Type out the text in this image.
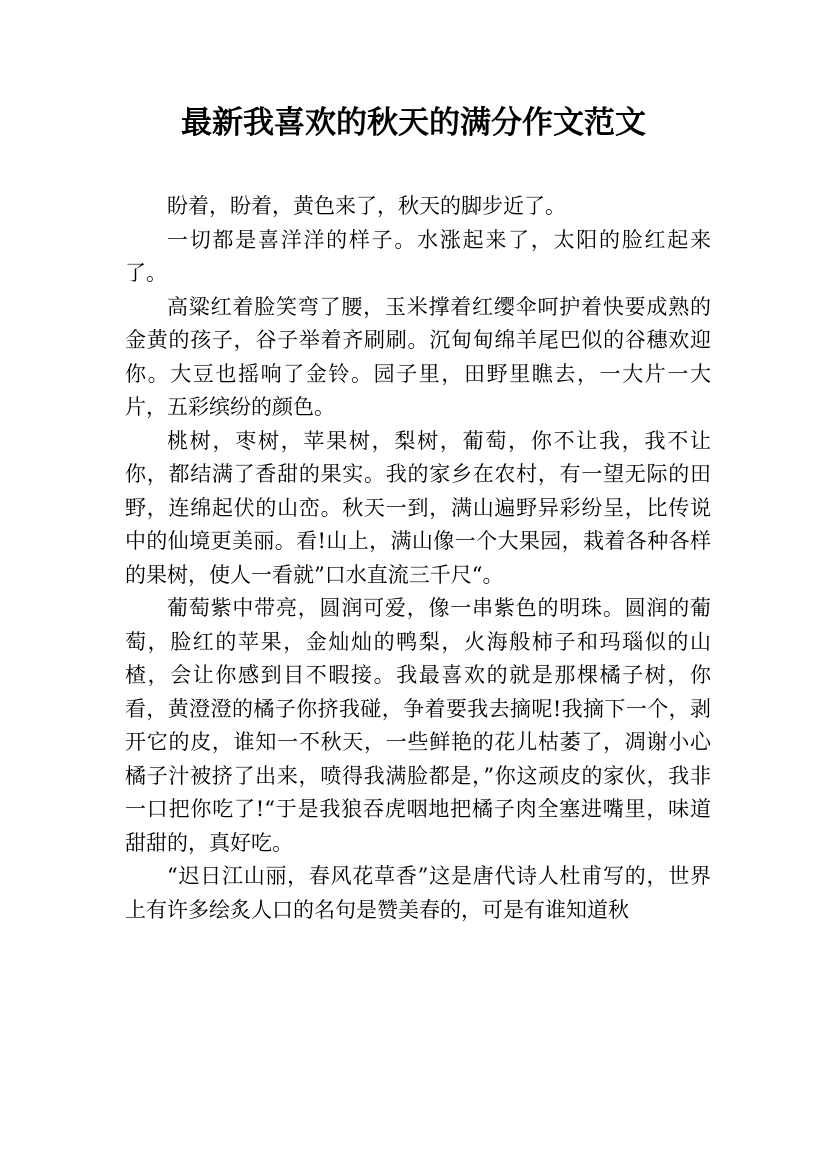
最新我喜欢的秋天的满分作文范文

盼着，盼着，黄色来了，秋天的脚步近了。

一切都是喜洋洋的样子。水涨起来了，太阳的脸红起来了。

高粱红着脸笑弯了腰，玉米撑着红缨伞呵护着快要成熟的金黄的孩子，谷子举着齐刷刷。沉甸甸绵羊尾巴似的谷穗欢迎你。大豆也摇响了金铃。园子里，田野里瞧去，一大片一大片，五彩缤纷的颜色。

桃树，枣树，苹果树，梨树，葡萄，你不让我，我不让你，都结满了香甜的果实。我的家乡在农村，有一望无际的田野，连绵起伏的山峦。秋天一到，满山遍野异彩纷呈，比传说中的仙境更美丽。看!山上，满山像一个大果园，栽着各种各样的果树，使人一看就”口水直流三千尺“。

葡萄紫中带亮，圆润可爱，像一串紫色的明珠。圆润的葡萄，脸红的苹果，金灿灿的鸭梨，火海般柿子和玛瑙似的山楂，会让你感到目不暇接。我最喜欢的就是那棵橘子树，你看，黄澄澄的橘子你挤我碰，争着要我去摘呢!我摘下一个，剥开它的皮，谁知一不秋天，一些鲜艳的花儿枯萎了，凋谢小心橘子汁被挤了出来，喷得我满脸都是，”你这顽皮的家伙，我非一口把你吃了!“于是我狼吞虎咽地把橘子肉全塞进嘴里，味道甜甜的，真好吃。

“迟日江山丽，春风花草香”这是唐代诗人杜甫写的，世界上有许多绘炙人口的名句是赞美春的，可是有谁知道秋
